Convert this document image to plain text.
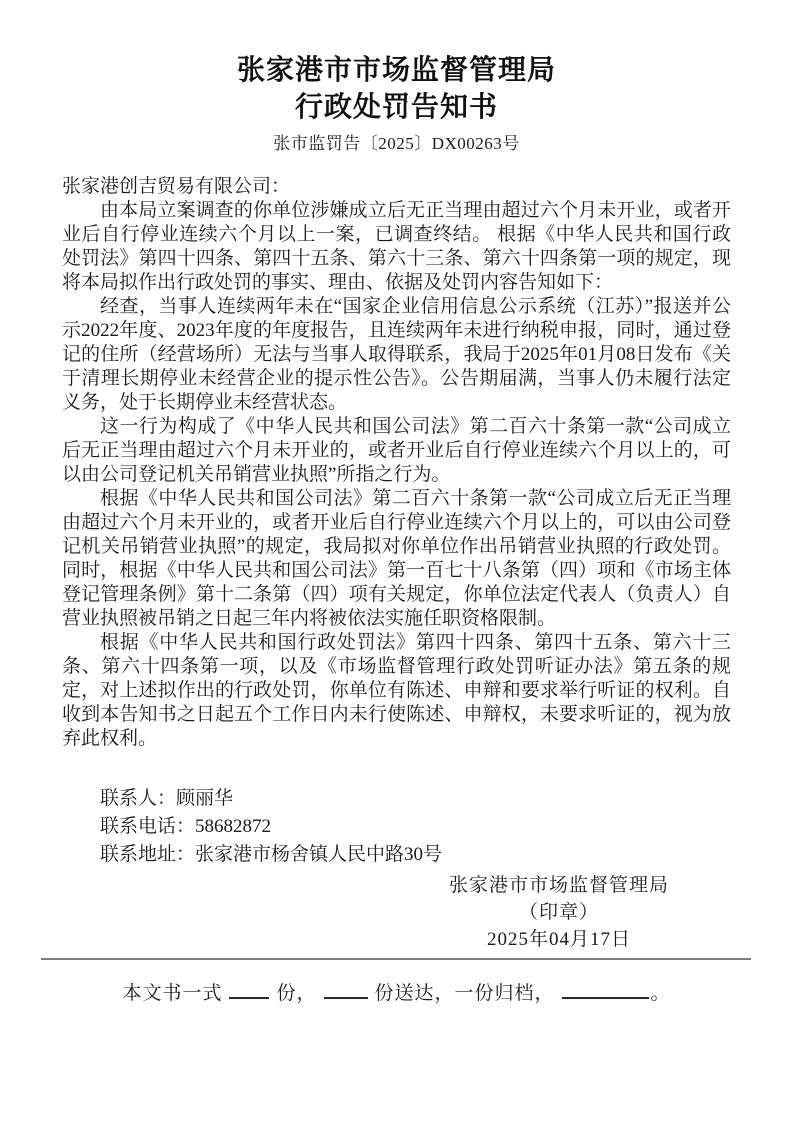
张家港市市场监督管理局
行政处罚告知书
张市监罚告〔2025〕DX00263号

张家港创吉贸易有限公司：

由本局立案调查的你单位涉嫌成立后无正当理由超过六个月未开业，或者开业后自行停业连续六个月以上一案，已调查终结。 根据《中华人民共和国行政处罚法》第四十四条、第四十五条、第六十三条、第六十四条第一项的规定，现将本局拟作出行政处罚的事实、理由、依据及处罚内容告知如下：

经查，当事人连续两年未在“国家企业信用信息公示系统（江苏）”报送并公示2022年度、2023年度的年度报告，且连续两年未进行纳税申报，同时，通过登记的住所（经营场所）无法与当事人取得联系，我局于2025年01月08日发布《关于清理长期停业未经营企业的提示性公告》。公告期届满，当事人仍未履行法定义务，处于长期停业未经营状态。

这一行为构成了《中华人民共和国公司法》第二百六十条第一款“公司成立后无正当理由超过六个月未开业的，或者开业后自行停业连续六个月以上的，可以由公司登记机关吊销营业执照”所指之行为。

根据《中华人民共和国公司法》第二百六十条第一款“公司成立后无正当理由超过六个月未开业的，或者开业后自行停业连续六个月以上的，可以由公司登记机关吊销营业执照”的规定，我局拟对你单位作出吊销营业执照的行政处罚。同时，根据《中华人民共和国公司法》第一百七十八条第（四）项和《市场主体登记管理条例》第十二条第（四）项有关规定，你单位法定代表人（负责人）自营业执照被吊销之日起三年内将被依法实施任职资格限制。

根据《中华人民共和国行政处罚法》第四十四条、第四十五条、第六十三条、第六十四条第一项，以及《市场监督管理行政处罚听证办法》第五条的规定，对上述拟作出的行政处罚，你单位有陈述、申辩和要求举行听证的权利。自收到本告知书之日起五个工作日内未行使陈述、申辩权，未要求听证的，视为放弃此权利。

联系人：顾丽华
联系电话：58682872
联系地址：张家港市杨舍镇人民中路30号
张家港市市场监督管理局
（印章）
2025年04月17日
本文书一式	份，	份送达，一份归档，	。
